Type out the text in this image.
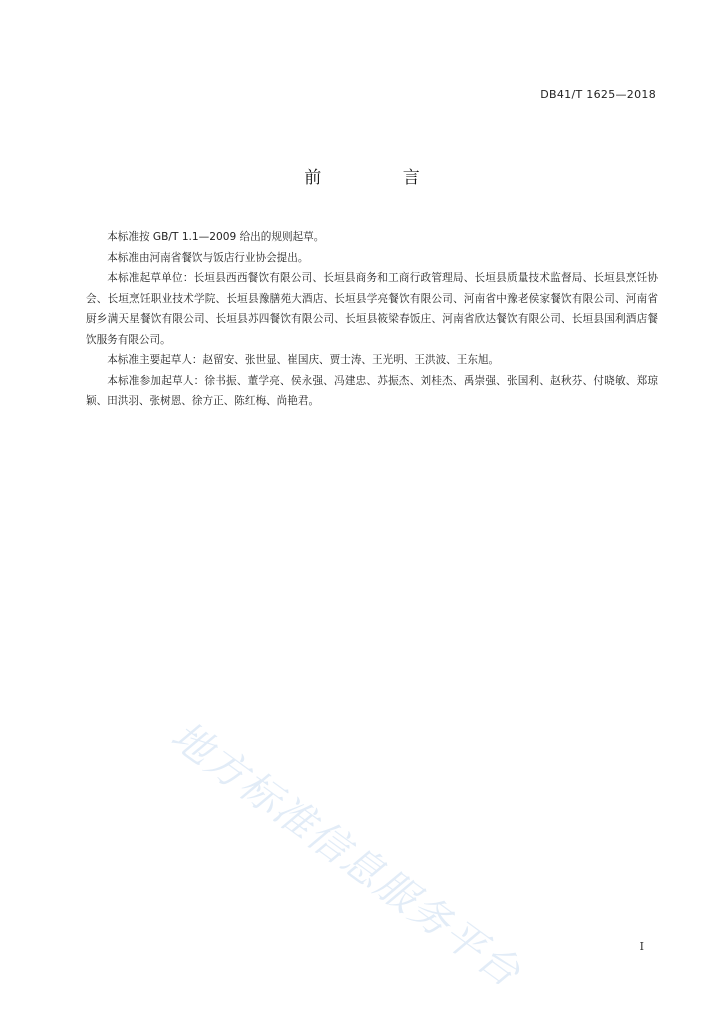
DB41/T 1625—2018
前 言

本标准按 GB/T 1.1—2009 给出的规则起草。

本标准由河南省餐饮与饭店行业协会提出。

本标准起草单位：长垣县西西餐饮有限公司、长垣县商务和工商行政管理局、长垣县质量技术监督局、长垣县烹饪协会、长垣烹饪职业技术学院、长垣县豫膳苑大酒店、长垣县学亮餐饮有限公司、河南省中豫老侯家餐饮有限公司、河南省厨乡满天星餐饮有限公司、长垣县苏四餐饮有限公司、长垣县筱梁春饭庄、河南省欣达餐饮有限公司、长垣县国利酒店餐饮服务有限公司。

本标准主要起草人：赵留安、张世显、崔国庆、贾士涛、王光明、王洪波、王东旭。

本标准参加起草人：徐书振、董学亮、侯永强、冯建忠、苏振杰、刘桂杰、禹崇强、张国利、赵秋芬、付晓敏、郑琼颖、田洪羽、张树恩、徐方正、陈红梅、尚艳君。

地方标准信息服务平台	I
